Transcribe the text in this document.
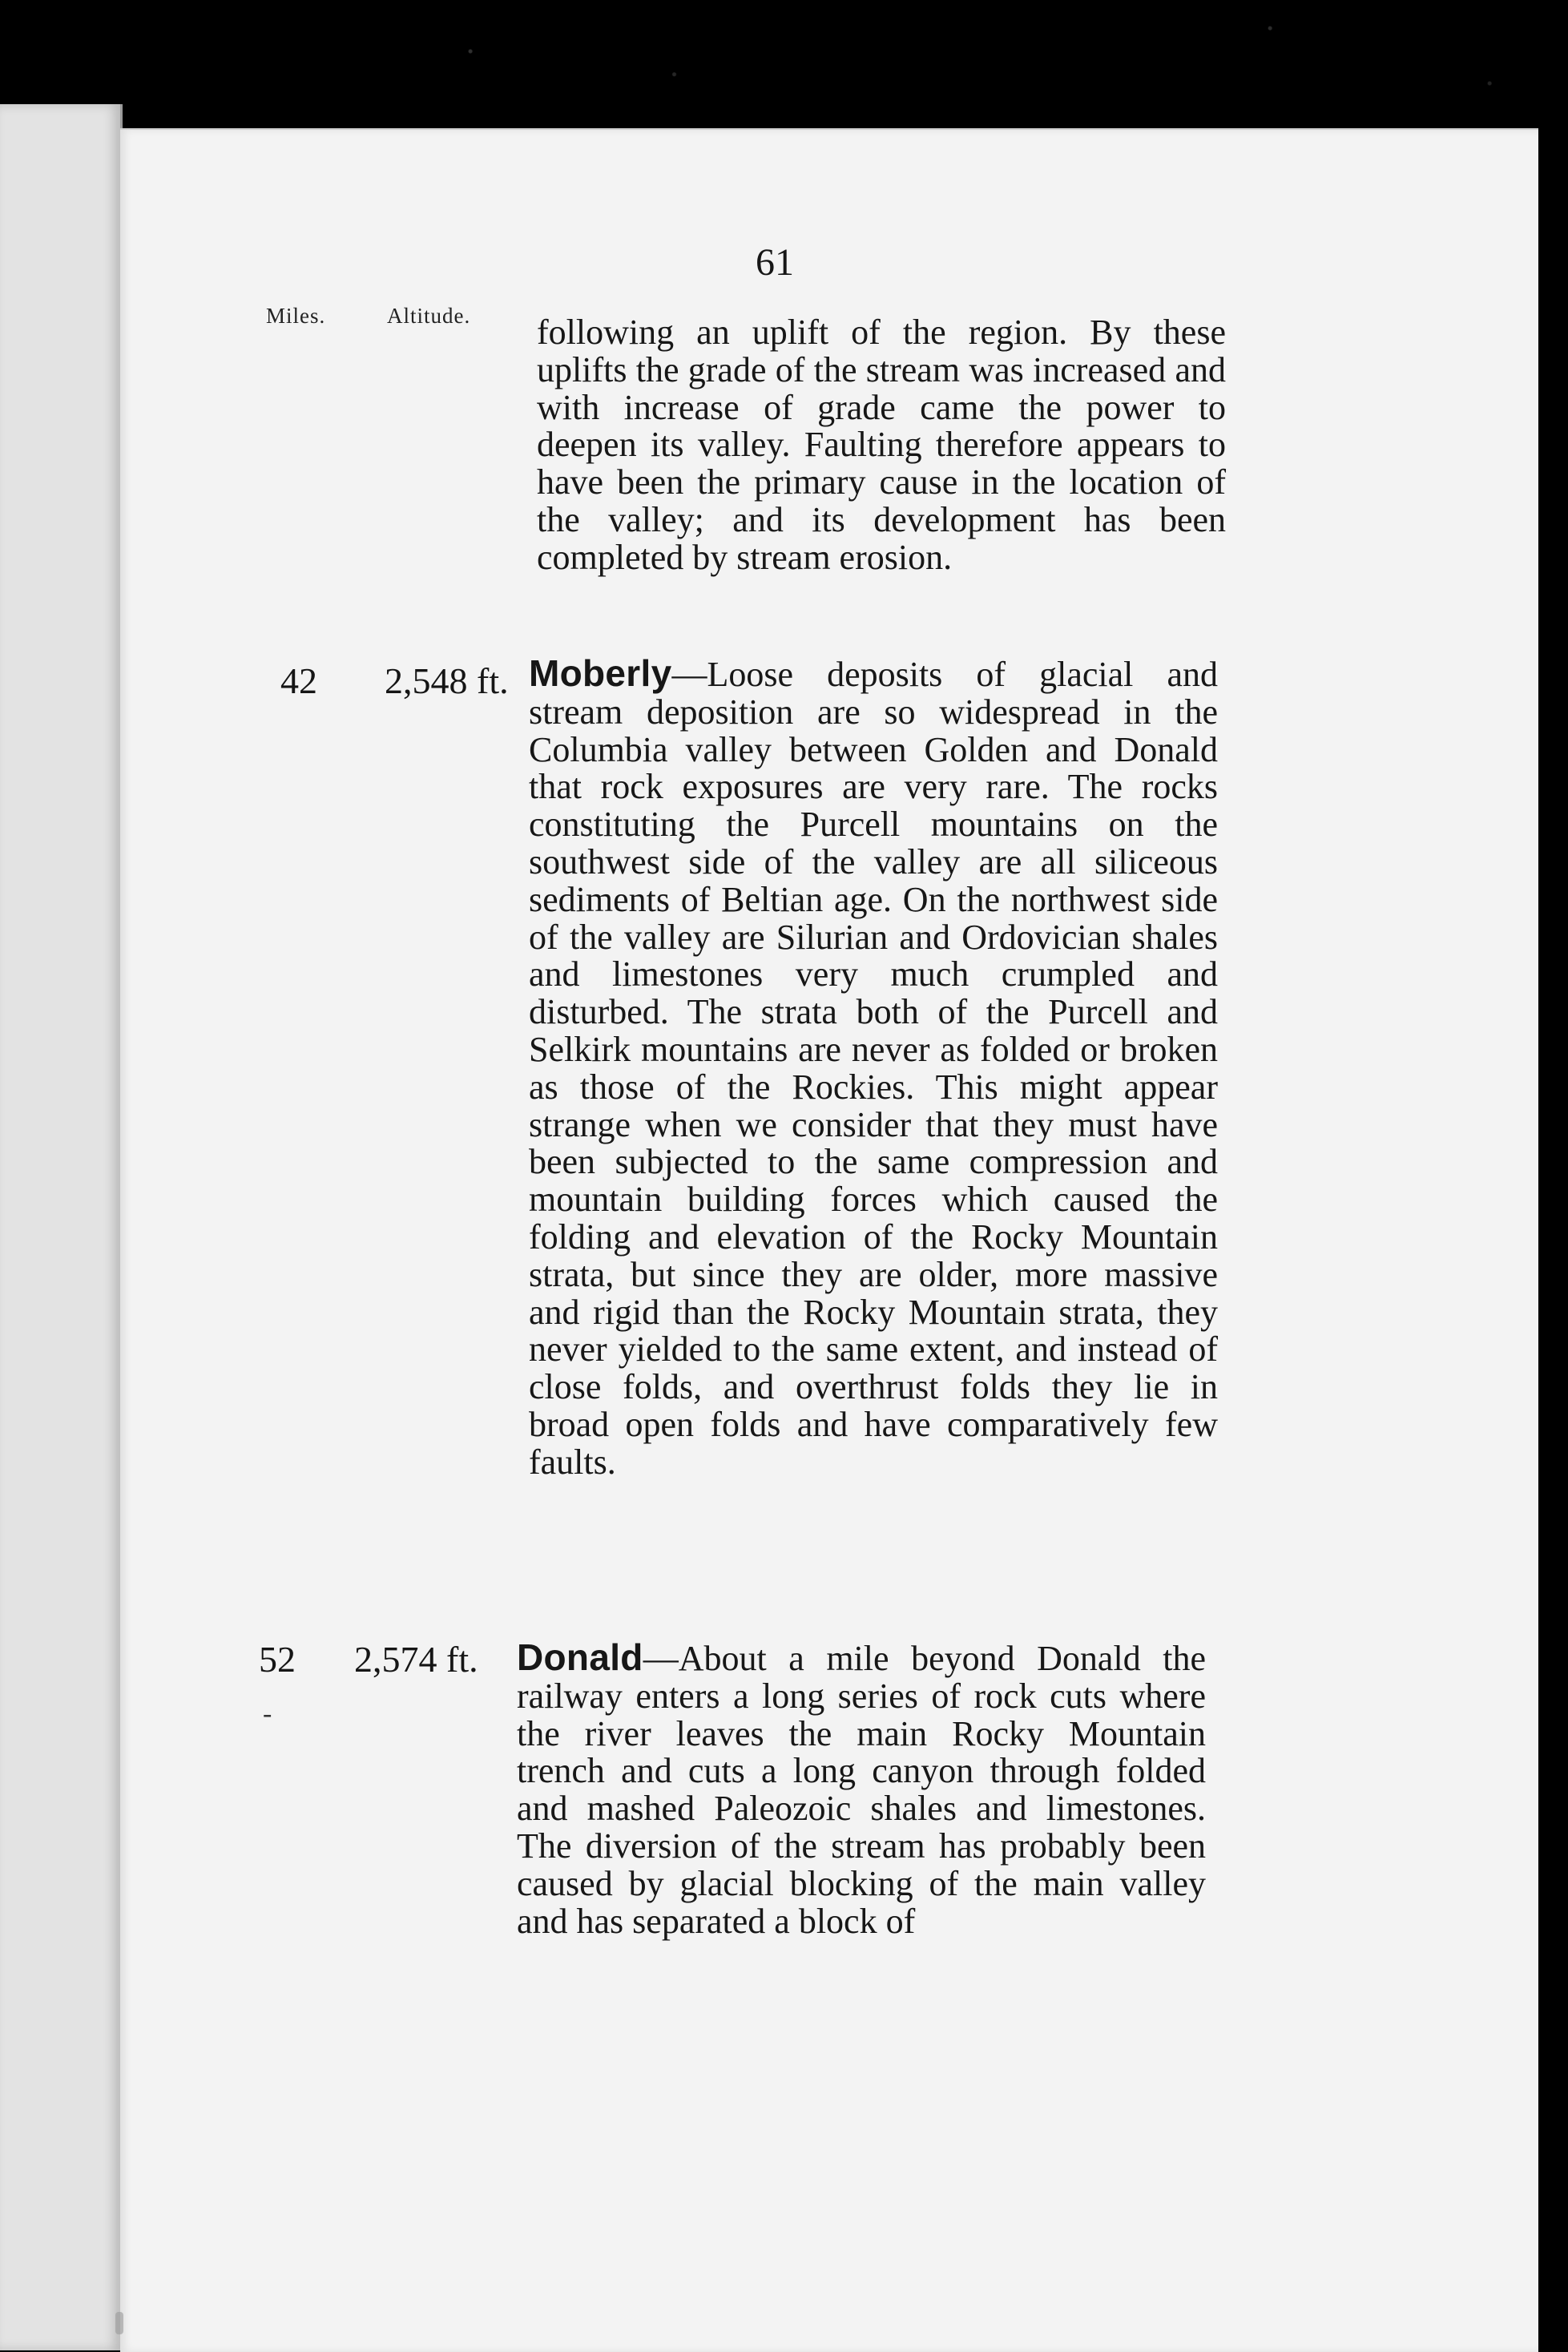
61
Miles.	Altitude. following an uplift of the region. By these uplifts the grade of the stream was increased and with increase of grade came the power to deepen its valley. Faulting therefore appears to have been the primary cause in the location of the valley; and its development has been completed by stream erosion.
42 2,548 ft. Moberly—Loose deposits of glacial and stream deposition are so widespread in the Columbia valley between Golden and Donald that rock exposures are very rare. The rocks constituting the Purcell mountains on the southwest side of the valley are all siliceous sediments of Beltian age. On the northwest side of the valley are Silurian and Ordovician shales and limestones very much crumpled and disturbed. The strata both of the Purcell and Selkirk mountains are never as folded or broken as those of the Rockies. This might appear strange when we consider that they must have been subjected to the same compression and mountain building forces which caused the folding and elevation of the Rocky Mountain strata, but since they are older, more massive and rigid than the Rocky Mountain strata, they never yielded to the same extent, and instead of close folds, and overthrust folds they lie in broad open folds and have comparatively few faults.
52 2,574 ft.
-
Donald—About a mile beyond Donald the railway enters a long series of rock cuts where the river leaves the main Rocky Mountain trench and cuts a long canyon through folded and mashed Paleozoic shales and limestones. The diversion of the stream has probably been caused by glacial blocking of the main valley and has separated a block of
